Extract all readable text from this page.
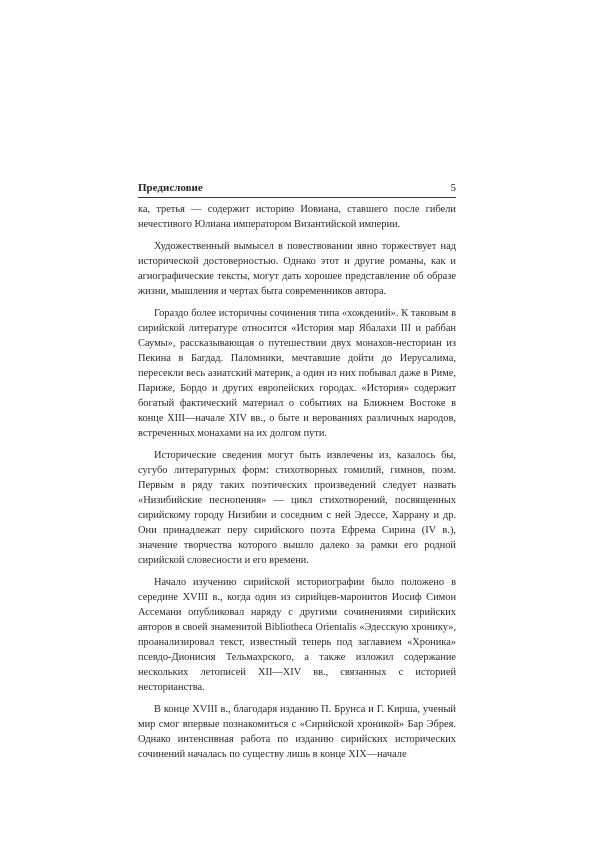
Предисловие	5

ка, третья — содержит историю Иовиана, ставшего после гибели нечестивого Юлиана императором Византийской империи.

Художественный вымысел в повествовании явно торжествует над исторической достоверностью. Однако этот и другие романы, как и агиографические тексты, могут дать хорошее представление об образе жизни, мышления и чертах быта современников автора.

Гораздо более историчны сочинения типа «хождений». К таковым в сирийской литературе относится «История мар Ябалахи III и раббан Саумы», рассказывающая о путешествии двух монахов-несториан из Пекина в Багдад. Паломники, мечтавшие дойти до Иерусалима, пересекли весь азиатский материк, а один из них побывал даже в Риме, Париже, Бордо и других европейских городах. «История» содержит богатый фактический материал о событиях на Ближнем Востоке в конце XIII—начале XIV вв., о быте и верованиях различных народов, встреченных монахами на их долгом пути.

Исторические сведения могут быть извлечены из, казалось бы, сугубо литературных форм: стихотворных гомилий, гимнов, поэм. Первым в ряду таких поэтических произведений следует назвать «Низибийские песнопения» — цикл стихотворений, посвященных сирийскому городу Низибии и соседним с ней Эдессе, Харрану и др. Они принадлежат перу сирийского поэта Ефрема Сирина (IV в.), значение творчества которого вышло далеко за рамки его родной сирийской словесности и его времени.

Начало изучению сирийской историографии было положено в середине XVIII в., когда один из сирийцев-маронитов Иосиф Симон Ассемани опубликовал наряду с другими сочинениями сирийских авторов в своей знаменитой Bibliotheca Orientalis «Эдесскую хронику», проанализировал текст, известный теперь под заглавием «Хроника» псевдо-Дионисия Тельмахрского, а также изложил содержание нескольких летописей XII—XIV вв., связанных с историей несторианства.

В конце XVIII в., благодаря изданию П. Брунса и Г. Кирша, ученый мир смог впервые познакомиться с «Сирийской хроникой» Бар Эбрея. Однако интенсивная работа по изданию сирийских исторических сочинений началась по существу лишь в конце XIX—начале
